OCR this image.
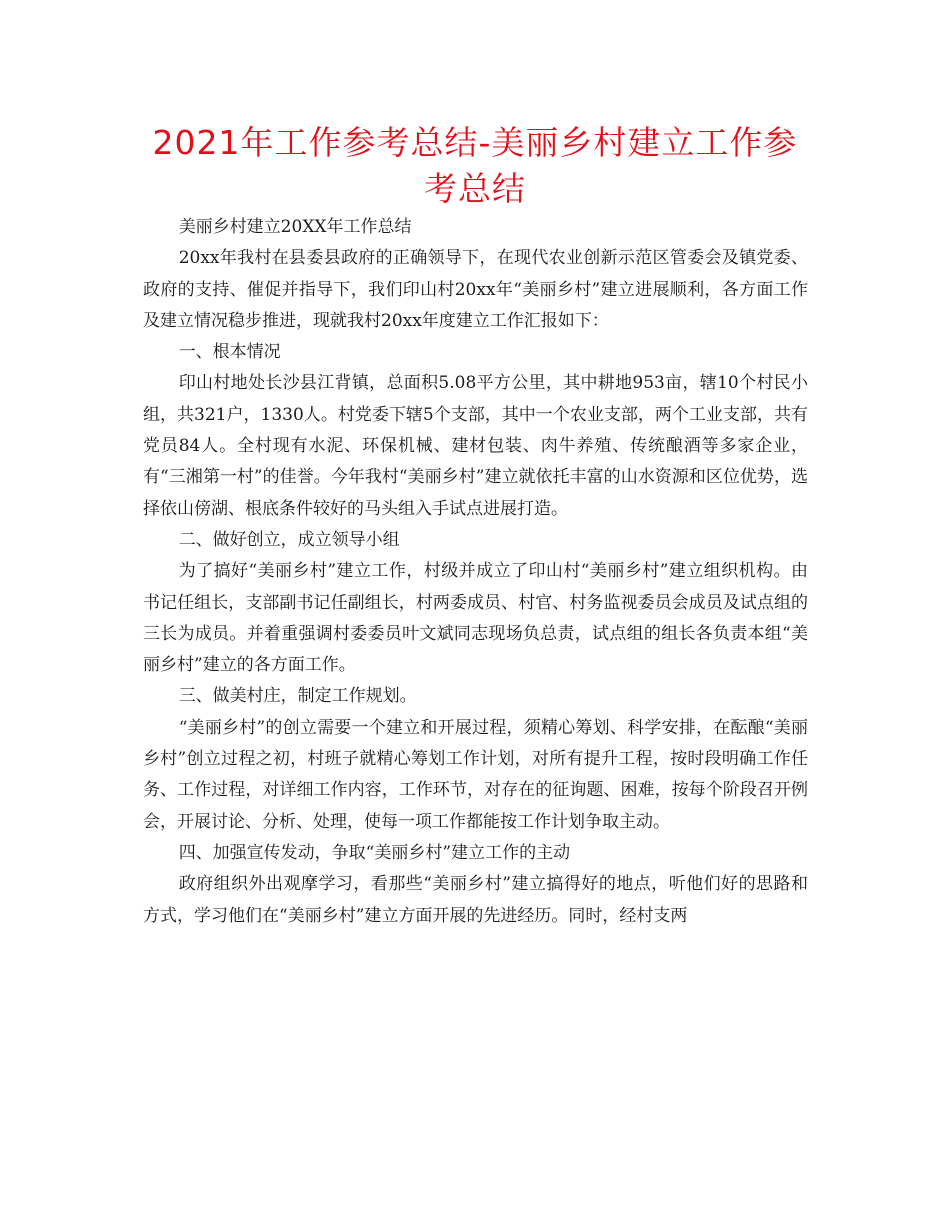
2021年工作参考总结-美丽乡村建立工作参考总结

美丽乡村建立20XX年工作总结

20xx年我村在县委县政府的正确领导下，在现代农业创新示范区管委会及镇党委、政府的支持、催促并指导下，我们印山村20xx年“美丽乡村”建立进展顺利，各方面工作及建立情况稳步推进，现就我村20xx年度建立工作汇报如下：

一、根本情况

印山村地处长沙县江背镇，总面积5.08平方公里，其中耕地953亩，辖10个村民小组，共321户，1330人。村党委下辖5个支部，其中一个农业支部，两个工业支部，共有党员84人。全村现有水泥、环保机械、建材包装、肉牛养殖、传统酿酒等多家企业，有“三湘第一村”的佳誉。今年我村“美丽乡村”建立就依托丰富的山水资源和区位优势，选择依山傍湖、根底条件较好的马头组入手试点进展打造。

二、做好创立，成立领导小组

为了搞好“美丽乡村”建立工作，村级并成立了印山村“美丽乡村”建立组织机构。由书记任组长，支部副书记任副组长，村两委成员、村官、村务监视委员会成员及试点组的三长为成员。并着重强调村委委员叶文斌同志现场负总责，试点组的组长各负责本组“美丽乡村”建立的各方面工作。

三、做美村庄，制定工作规划。

“美丽乡村”的创立需要一个建立和开展过程，须精心筹划、科学安排，在酝酿“美丽乡村”创立过程之初，村班子就精心筹划工作计划，对所有提升工程，按时段明确工作任务、工作过程，对详细工作内容，工作环节，对存在的征询题、困难，按每个阶段召开例会，开展讨论、分析、处理，使每一项工作都能按工作计划争取主动。

四、加强宣传发动，争取“美丽乡村”建立工作的主动

政府组织外出观摩学习，看那些“美丽乡村”建立搞得好的地点，听他们好的思路和方式，学习他们在“美丽乡村”建立方面开展的先进经历。同时，经村支两
